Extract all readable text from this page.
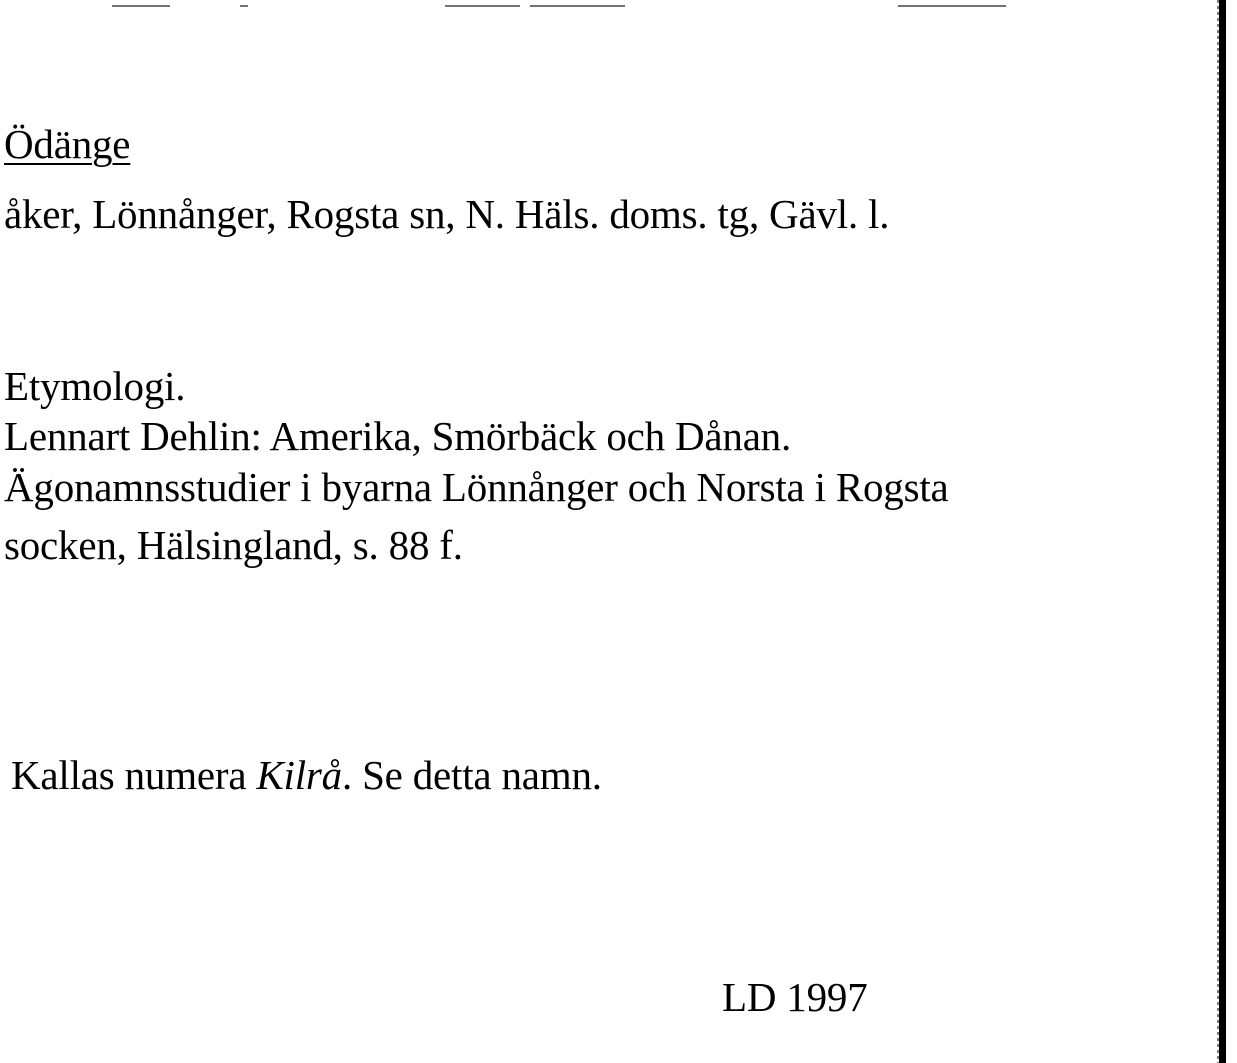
Ödänge

åker, Lönnånger, Rogsta sn, N. Häls. doms. tg, Gävl. l.

Etymologi.

Lennart Dehlin: Amerika, Smörbäck och Dånan.

Ägonamnsstudier i byarna Lönnånger och Norsta i Rogsta

socken, Hälsingland, s. 88 f.

Kallas numera Kilrå. Se detta namn.

LD 1997
